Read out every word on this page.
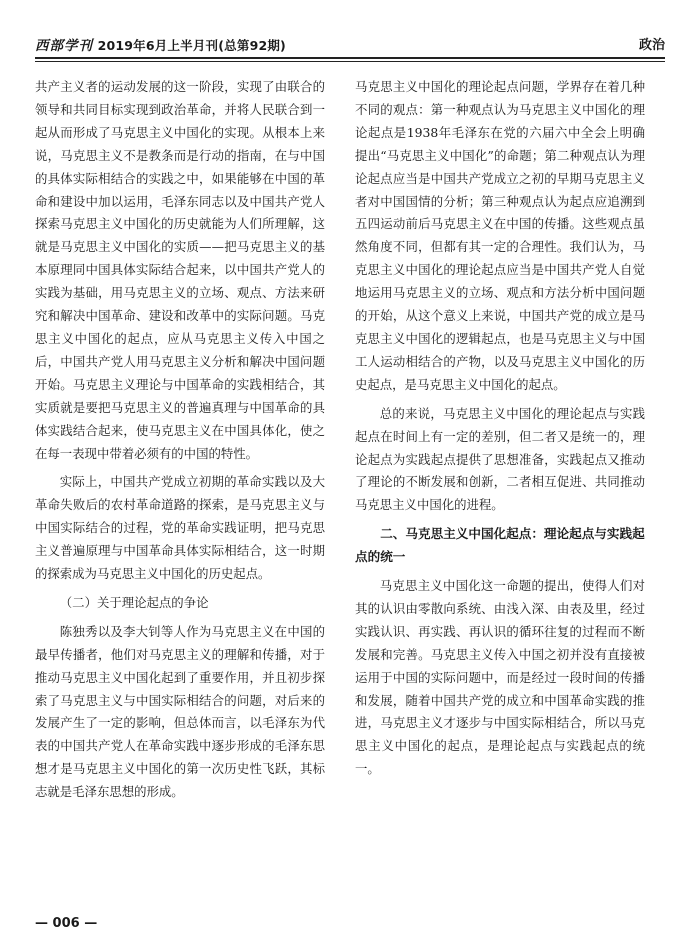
西部学刊 2019年6月上半月刊(总第92期)	政治

共产主义者的运动发展的这一阶段，实现了由联合的领导和共同目标实现到政治革命，并将人民联合到一起从而形成了马克思主义中国化的实现。从根本上来说，马克思主义不是教条而是行动的指南，在与中国的具体实际相结合的实践之中，如果能够在中国的革命和建设中加以运用，毛泽东同志以及中国共产党人探索马克思主义中国化的历史就能为人们所理解，这就是马克思主义中国化的实质——把马克思主义的基本原理同中国具体实际结合起来，以中国共产党人的实践为基础，用马克思主义的立场、观点、方法来研究和解决中国革命、建设和改革中的实际问题。马克思主义中国化的起点，应从马克思主义传入中国之后，中国共产党人用马克思主义分析和解决中国问题开始。马克思主义理论与中国革命的实践相结合，其实质就是要把马克思主义的普遍真理与中国革命的具体实践结合起来，使马克思主义在中国具体化，使之在每一表现中带着必须有的中国的特性。

实际上，中国共产党成立初期的革命实践以及大革命失败后的农村革命道路的探索，是马克思主义与中国实际结合的过程，党的革命实践证明，把马克思主义普遍原理与中国革命具体实际相结合，这一时期的探索成为马克思主义中国化的历史起点。

（二）关于理论起点的争论

陈独秀以及李大钊等人作为马克思主义在中国的最早传播者，他们对马克思主义的理解和传播，对于推动马克思主义中国化起到了重要作用，并且初步探索了马克思主义与中国实际相结合的问题，对后来的发展产生了一定的影响，但总体而言，以毛泽东为代表的中国共产党人在革命实践中逐步形成的毛泽东思想才是马克思主义中国化的第一次历史性飞跃，其标志就是毛泽东思想的形成。

马克思主义中国化的理论起点问题，学界存在着几种不同的观点：第一种观点认为马克思主义中国化的理论起点是1938年毛泽东在党的六届六中全会上明确提出“马克思主义中国化”的命题；第二种观点认为理论起点应当是中国共产党成立之初的早期马克思主义者对中国国情的分析；第三种观点认为起点应追溯到五四运动前后马克思主义在中国的传播。这些观点虽然角度不同，但都有其一定的合理性。我们认为，马克思主义中国化的理论起点应当是中国共产党人自觉地运用马克思主义的立场、观点和方法分析中国问题的开始，从这个意义上来说，中国共产党的成立是马克思主义中国化的逻辑起点，也是马克思主义与中国工人运动相结合的产物，以及马克思主义中国化的历史起点，是马克思主义中国化的起点。

总的来说，马克思主义中国化的理论起点与实践起点在时间上有一定的差别，但二者又是统一的，理论起点为实践起点提供了思想准备，实践起点又推动了理论的不断发展和创新，二者相互促进、共同推动马克思主义中国化的进程。

二、马克思主义中国化起点：理论起点与实践起点的统一

马克思主义中国化这一命题的提出，使得人们对其的认识由零散向系统、由浅入深、由表及里，经过实践认识、再实践、再认识的循环往复的过程而不断发展和完善。马克思主义传入中国之初并没有直接被运用于中国的实际问题中，而是经过一段时间的传播和发展，随着中国共产党的成立和中国革命实践的推进，马克思主义才逐步与中国实际相结合，所以马克思主义中国化的起点，是理论起点与实践起点的统一。

— 006 —
